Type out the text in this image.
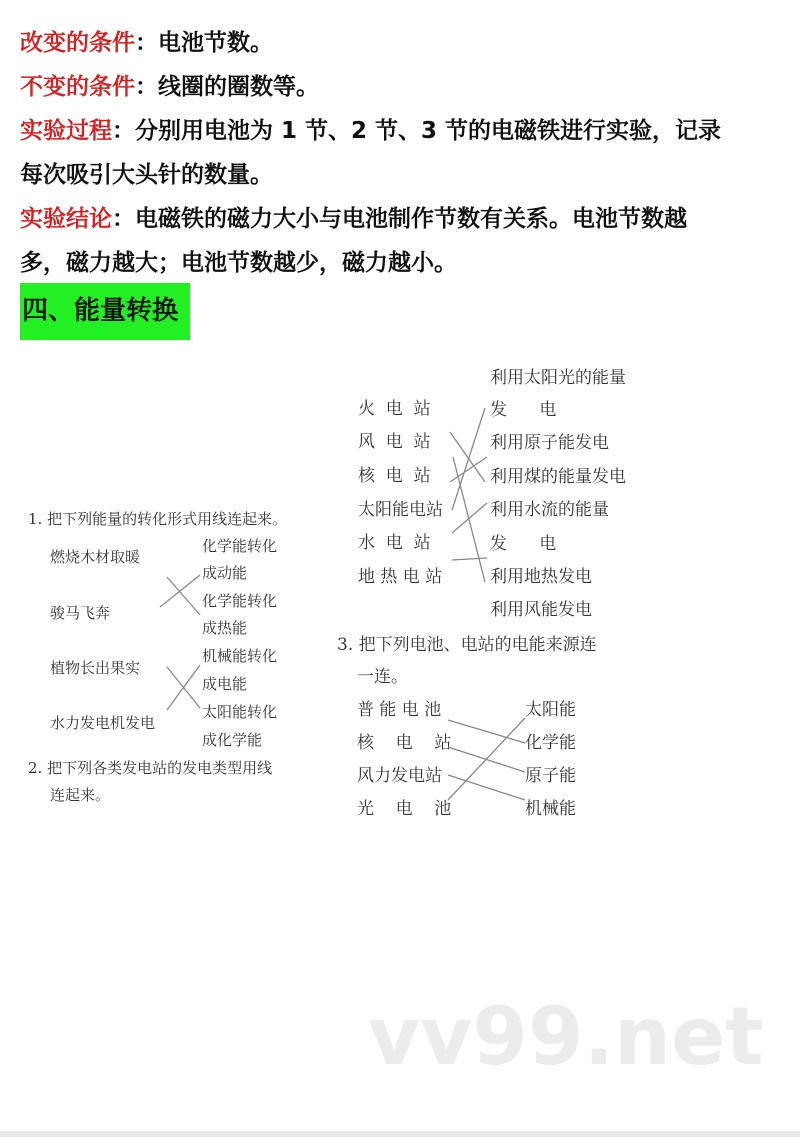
改变的条件：电池节数。
不变的条件：线圈的圈数等。
实验过程：分别用电池为 1 节、2 节、3 节的电磁铁进行实验，记录
每次吸引大头针的数量。
实验结论：电磁铁的磁力大小与电池制作节数有关系。电池节数越
多，磁力越大；电池节数越少，磁力越小。
四、能量转换
1. 把下列能量的转化形式用线连起来。
燃烧木材取暖
骏马飞奔
植物长出果实
水力发电机发电
化学能转化
成动能
化学能转化
成热能
机械能转化
成电能
太阳能转化
成化学能
2. 把下列各类发电站的发电类型用线
连起来。
火  电  站
风  电  站
核  电  站
太阳能电站
水  电  站
地 热 电 站
利用太阳光的能量
发      电
利用原子能发电
利用煤的能量发电
利用水流的能量
发      电
利用地热发电
利用风能发电
3. 把下列电池、电站的电能来源连
一连。
普 能 电 池
核    电    站
风力发电站
光    电    池
太阳能
化学能
原子能
机械能
vv99.net
